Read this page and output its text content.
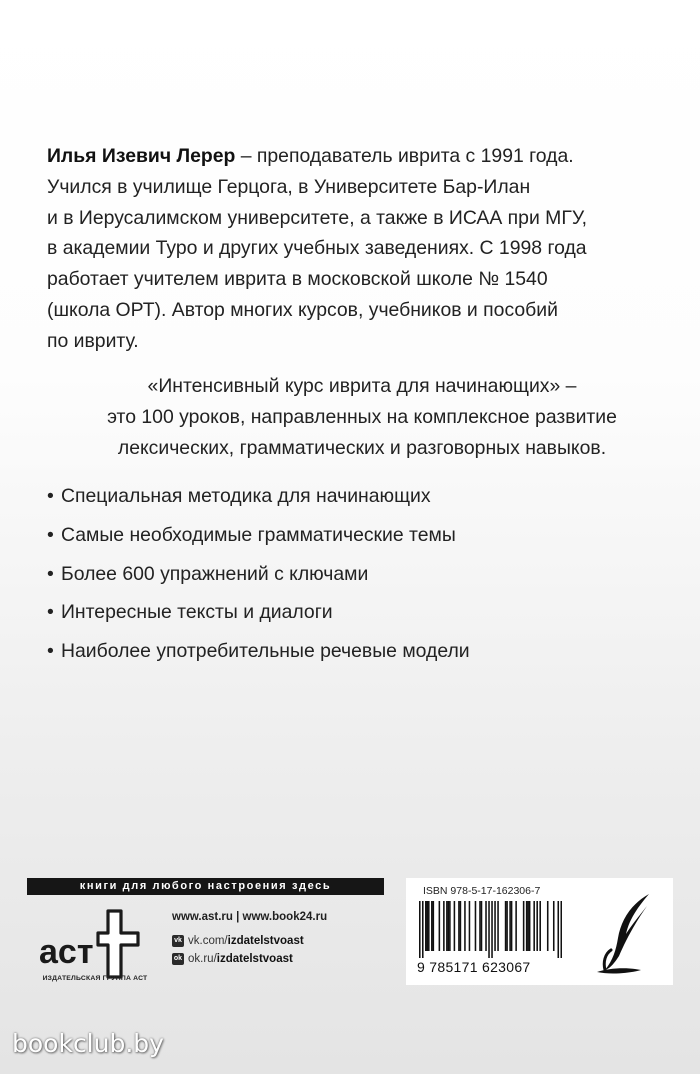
Илья Изевич Лерер – преподаватель иврита с 1991 года.
Учился в училище Герцога, в Университете Бар-Илан
и в Иерусалимском университете, а также в ИСАА при МГУ,
в академии Туро и других учебных заведениях. С 1998 года
работает учителем иврита в московской школе № 1540
(школа ОРТ). Автор многих курсов, учебников и пособий
по ивриту.
«Интенсивный курс иврита для начинающих» –
это 100 уроков, направленных на комплексное развитие
лексических, грамматических и разговорных навыков.
• Специальная методика для начинающих
• Самые необходимые грамматические темы
• Более 600 упражнений с ключами
• Интересные тексты и диалоги
• Наиболее употребительные речевые модели
книги для любого настроения здесь
аст
ИЗДАТЕЛЬСКАЯ ГРУППА АСТ
www.ast.ru | www.book24.ru
vk vk.com/ izdatelstvoast
ok ok.ru/ izdatelstvoast
ISBN 978-5-17-162306-7
9 785171 623067
bookclub.by
